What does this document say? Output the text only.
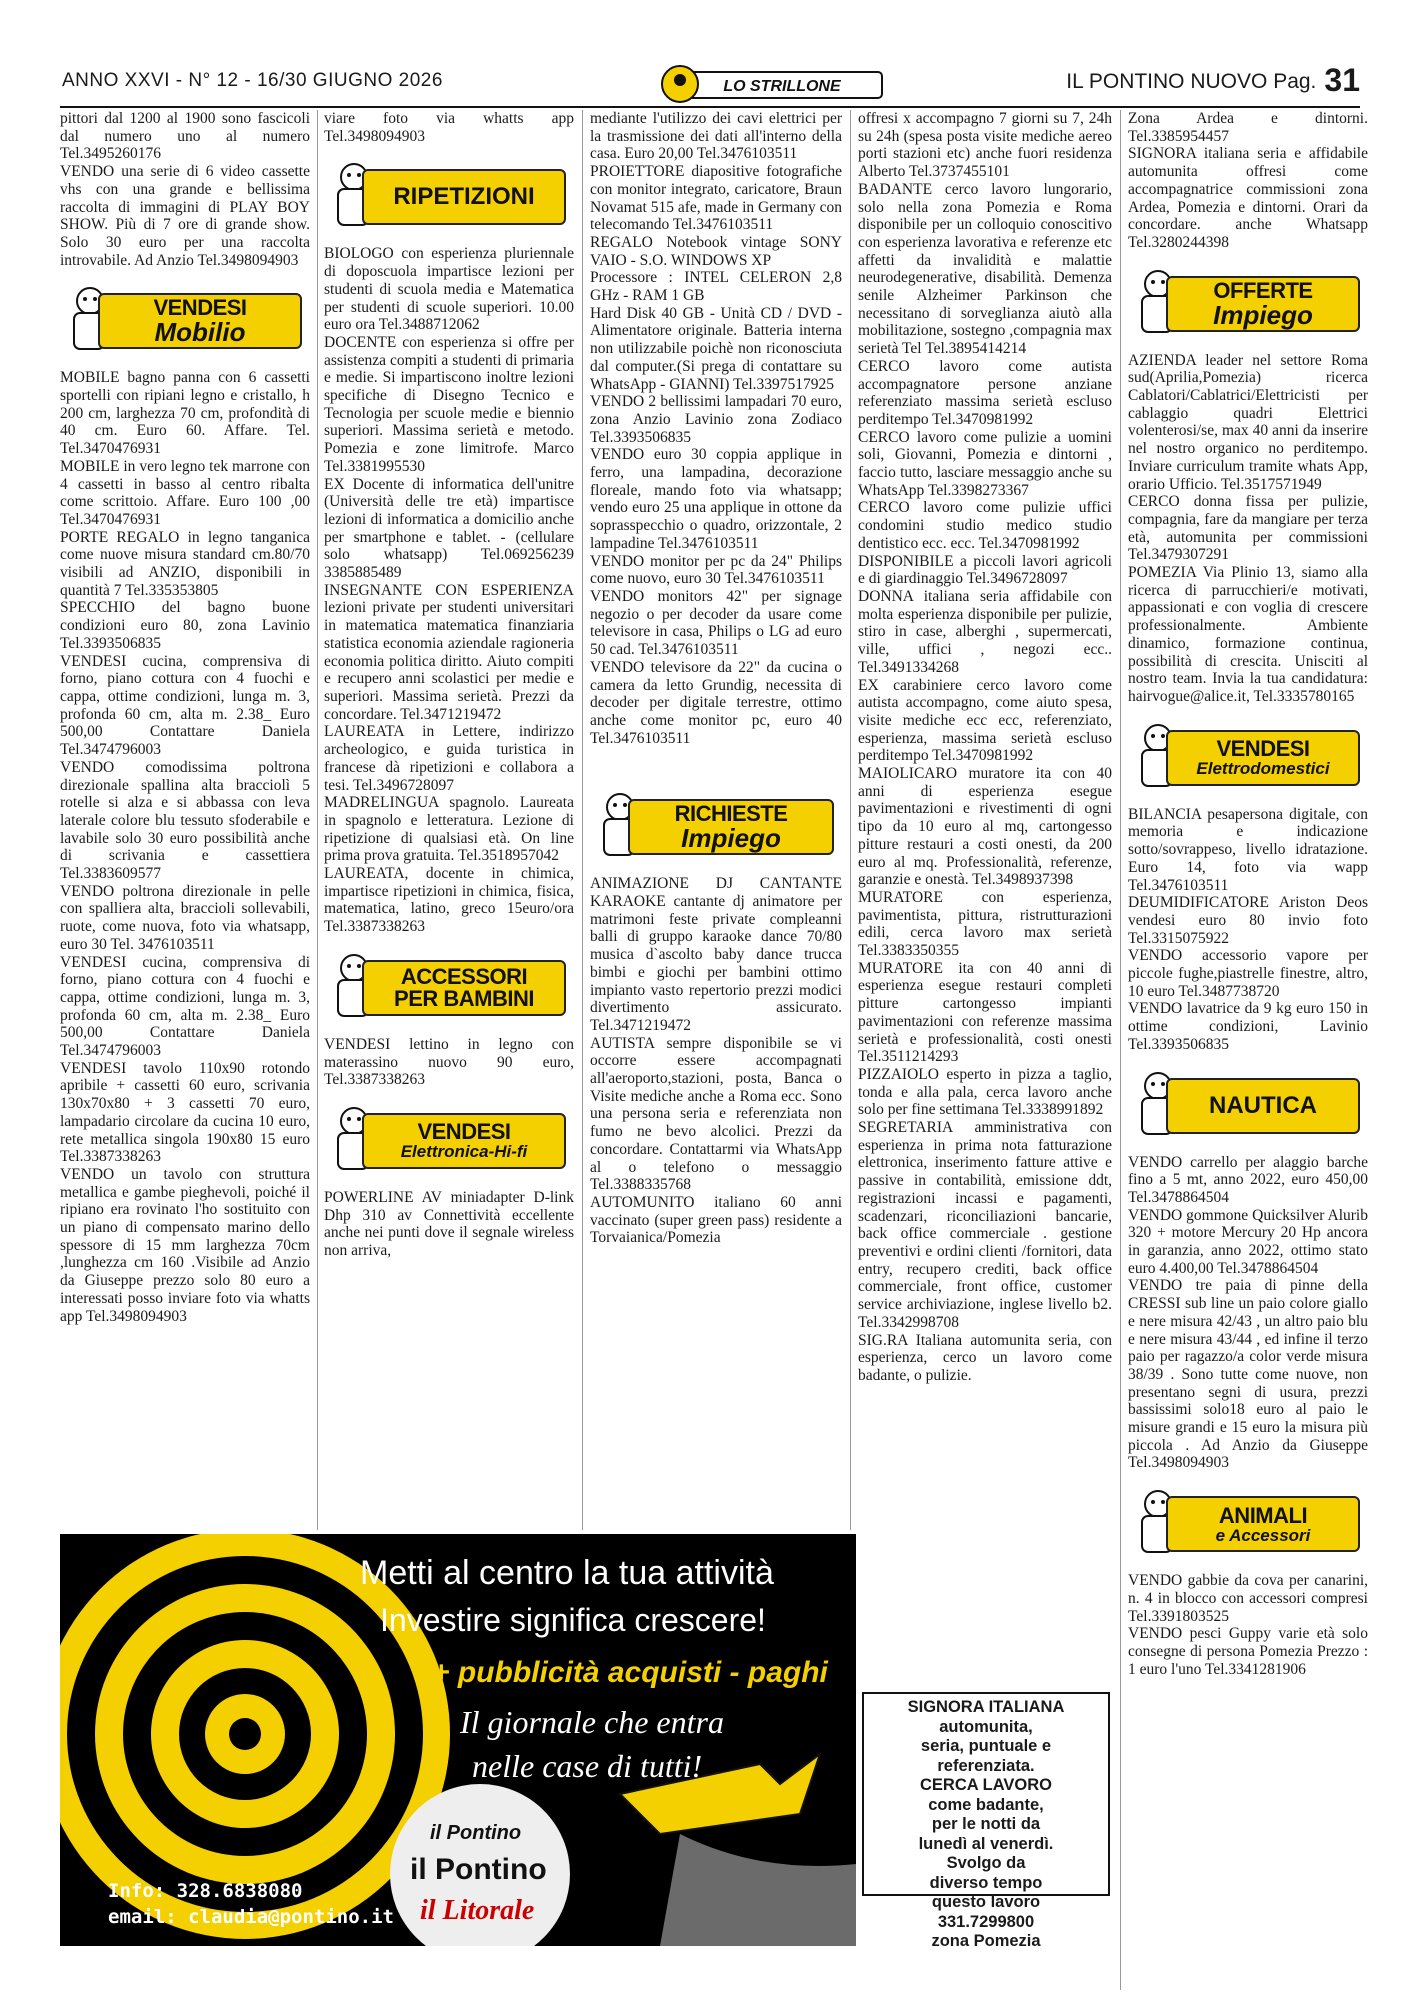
ANNO XXVI - N° 12 - 16/30 GIUGNO 2026	LO STRILLONE	IL PONTINO NUOVO Pag. 31

pittori dal 1200 al 1900 sono fascicoli dal numero uno al numero Tel.3495260176
VENDO una serie di 6 video cassette vhs con una grande e bellissima raccolta di immagini di PLAY BOY SHOW. Più di 7 ore di grande show. Solo 30 euro per una raccolta introvabile. Ad Anzio Tel.3498094903

VENDESI
Mobilio

MOBILE bagno panna con 6 cassetti sportelli con ripiani legno e cristallo, h 200 cm, larghezza 70 cm, profondità di 40 cm. Euro 60. Affare. Tel. Tel.3470476931
MOBILE in vero legno tek marrone con 4 cassetti in basso al centro ribalta come scrittoio. Affare. Euro 100 ,00 Tel.3470476931
PORTE REGALO in legno tanganica come nuove misura standard cm.80/70 visibili ad ANZIO, disponibili in quantità 7 Tel.335353805
SPECCHIO del bagno buone condizioni euro 80, zona Lavinio Tel.3393506835
VENDESI cucina, comprensiva di forno, piano cottura con 4 fuochi e cappa, ottime condizioni, lunga m. 3, profonda 60 cm, alta m. 2.38_ Euro 500,00 Contattare Daniela Tel.3474796003
VENDO comodissima poltrona direzionale spallina alta bracciolì 5 rotelle si alza e si abbassa con leva laterale colore blu tessuto sfoderabile e lavabile solo 30 euro possibilità anche di scrivania e cassettiera Tel.3383609577
VENDO poltrona direzionale in pelle con spalliera alta, braccioli sollevabili, ruote, come nuova, foto via whatsapp, euro 30 Tel. 3476103511
VENDESI cucina, comprensiva di forno, piano cottura con 4 fuochi e cappa, ottime condizioni, lunga m. 3, profonda 60 cm, alta m. 2.38_ Euro 500,00 Contattare Daniela Tel.3474796003
VENDESI tavolo 110x90 rotondo apribile + cassetti 60 euro, scrivania 130x70x80 + 3 cassetti 70 euro, lampadario circolare da cucina 10 euro, rete metallica singola 190x80 15 euro Tel.3387338263
VENDO un tavolo con struttura metallica e gambe pieghevoli, poiché il ripiano era rovinato l'ho sostituito con un piano di compensato marino dello spessore di 15 mm larghezza 70cm ,lunghezza cm 160 .Visibile ad Anzio da Giuseppe prezzo solo 80 euro a interessati posso inviare foto via whatts app Tel.3498094903

viare foto via whatts app Tel.3498094903

RIPETIZIONI

BIOLOGO con esperienza pluriennale di doposcuola impartisce lezioni per studenti di scuola media e Matematica per studenti di scuole superiori. 10.00 euro ora Tel.3488712062
DOCENTE con esperienza si offre per assistenza compiti a studenti di primaria e medie. Si impartiscono inoltre lezioni specifiche di Disegno Tecnico e Tecnologia per scuole medie e biennio superiori. Massima serietà e metodo. Pomezia e zone limitrofe. Marco Tel.3381995530
EX Docente di informatica dell'unitre (Università delle tre età) impartisce lezioni di informatica a domicilio anche per smartphone e tablet. - (cellulare solo whatsapp) Tel.069256239 3385885489
INSEGNANTE CON ESPERIENZA lezioni private per studenti universitari in matematica matematica finanziaria statistica economia aziendale ragioneria economia politica diritto. Aiuto compiti e recupero anni scolastici per medie e superiori. Massima serietà. Prezzi da concordare. Tel.3471219472
LAUREATA in Lettere, indirizzo archeologico, e guida turistica in francese dà ripetizioni e collabora a tesi. Tel.3496728097
MADRELINGUA spagnolo. Laureata in spagnolo e letteratura. Lezione di ripetizione di qualsiasi età. On line prima prova gratuita. Tel.3518957042
LAUREATA, docente in chimica, impartisce ripetizioni in chimica, fisica, matematica, latino, greco 15euro/ora Tel.3387338263

ACCESSORI
PER BAMBINI

VENDESI lettino in legno con materassino nuovo 90 euro, Tel.3387338263

VENDESI
Elettronica-Hi-fi

POWERLINE AV miniadapter D-link Dhp 310 av Connettività eccellente anche nei punti dove il segnale wireless non arriva,

mediante l'utilizzo dei cavi elettrici per la trasmissione dei dati all'interno della casa. Euro 20,00 Tel.3476103511
PROIETTORE diapositive fotografiche con monitor integrato, caricatore, Braun Novamat 515 afe, made in Germany con telecomando Tel.3476103511
REGALO Notebook vintage SONY VAIO - S.O. WINDOWS XP
Processore : INTEL CELERON 2,8 GHz - RAM 1 GB
Hard Disk 40 GB - Unità CD / DVD - Alimentatore originale. Batteria interna non utilizzabile poichè non riconosciuta dal computer.(Si prega di contattare su WhatsApp - GIANNI) Tel.3397517925
VENDO 2 bellissimi lampadari 70 euro, zona Anzio Lavinio zona Zodiaco Tel.3393506835
VENDO euro 30 coppia applique in ferro, una lampadina, decorazione floreale, mando foto via whatsapp; vendo euro 25 una applique in ottone da soprasspecchio o quadro, orizzontale, 2 lampadine Tel.3476103511
VENDO monitor per pc da 24" Philips come nuovo, euro 30 Tel.3476103511
VENDO monitors 42" per signage negozio o per decoder da usare come televisore in casa, Philips o LG ad euro 50 cad. Tel.3476103511
VENDO televisore da 22" da cucina o camera da letto Grundig, necessita di decoder per digitale terrestre, ottimo anche come monitor pc, euro 40 Tel.3476103511

RICHIESTE
Impiego

ANIMAZIONE DJ CANTANTE KARAOKE cantante dj animatore per matrimoni feste private compleanni balli di gruppo karaoke dance 70/80 musica d`ascolto baby dance trucca bimbi e giochi per bambini ottimo impianto vasto repertorio prezzi modici divertimento assicurato. Tel.3471219472
AUTISTA sempre disponibile se vi occorre essere accompagnati all'aeroporto,stazioni, posta, Banca o Visite mediche anche a Roma ecc. Sono una persona seria e referenziata non fumo ne bevo alcolici. Prezzi da concordare. Contattarmi via WhatsApp al o telefono o messaggio Tel.3388335768
AUTOMUNITO italiano 60 anni vaccinato (super green pass) residente a Torvaianica/Pomezia

offresi x accompagno 7 giorni su 7, 24h su 24h (spesa posta visite mediche aereo porti stazioni etc) anche fuori residenza Alberto Tel.3737455101
BADANTE cerco lavoro lungorario, solo nella zona Pomezia e Roma disponibile per un colloquio conoscitivo con esperienza lavorativa e referenze etc affetti da invalidità e malattie neurodegenerative, disabilità. Demenza senile Alzheimer Parkinson che necessitano di sorveglianza aiutò alla mobilitazione, sostegno ,compagnia max serietà Tel Tel.3895414214
CERCO lavoro come autista accompagnatore persone anziane referenziato massima serietà escluso perditempo Tel.3470981992
CERCO lavoro come pulizie a uomini soli, Giovanni, Pomezia e dintorni , faccio tutto, lasciare messaggio anche su WhatsApp Tel.3398273367
CERCO lavoro come pulizie uffici condomini studio medico studio dentistico ecc. ecc. Tel.3470981992
DISPONIBILE a piccoli lavori agricoli e di giardinaggio Tel.3496728097
DONNA italiana seria affidabile con molta esperienza disponibile per pulizie, stiro in case, alberghi , supermercati, ville, uffici , negozi ecc.. Tel.3491334268
EX carabiniere cerco lavoro come autista accompagno, come aiuto spesa, visite mediche ecc ecc, referenziato, esperienza, massima serietà escluso perditempo Tel.3470981992
MAIOLICARO muratore ita con 40 anni di esperienza esegue pavimentazioni e rivestimenti di ogni tipo da 10 euro al mq, cartongesso pitture restauri a costi onesti, da 200 euro al mq. Professionalità, referenze, garanzie e onestà. Tel.3498937398
MURATORE con esperienza, pavimentista, pittura, ristrutturazioni edili, cerca lavoro max serietà Tel.3383350355
MURATORE ita con 40 anni di esperienza esegue restauri completi pitture cartongesso impianti pavimentazioni con referenze massima serietà e professionalità, costi onesti Tel.3511214293
PIZZAIOLO esperto in pizza a taglio, tonda e alla pala, cerca lavoro anche solo per fine settimana Tel.3338991892
SEGRETARIA amministrativa con esperienza in prima nota fatturazione elettronica, inserimento fatture attive e passive in contabilità, emissione ddt, registrazioni incassi e pagamenti, scadenzari, riconciliazioni bancarie, back office commerciale . gestione preventivi e ordini clienti /fornitori, data entry, recupero crediti, back office commerciale, front office, customer service archiviazione, inglese livello b2. Tel.3342998708
SIG.RA Italiana automunita seria, con esperienza, cerco un lavoro come badante, o pulizie.

SIGNORA ITALIANA
automunita,
seria, puntuale e
referenziata.
CERCA LAVORO
come badante,
per le notti da
lunedì al venerdì.
Svolgo da
diverso tempo
questo lavoro
331.7299800
zona Pomezia

Zona Ardea e dintorni. Tel.3385954457
SIGNORA italiana seria e affidabile automunita offresi come accompagnatrice commissioni zona Ardea, Pomezia e dintorni. Orari da concordare. anche Whatsapp Tel.3280244398

OFFERTE
Impiego

AZIENDA leader nel settore Roma sud(Aprilia,Pomezia) ricerca Cablatori/Cablatrici/Elettricisti per cablaggio quadri Elettrici volenterosi/se, max 40 anni da inserire nel nostro organico no perditempo. Inviare curriculum tramite whats App, orario Ufficio. Tel.3517571949
CERCO donna fissa per pulizie, compagnia, fare da mangiare per terza età, automunita per commissioni Tel.3479307291
POMEZIA Via Plinio 13, siamo alla ricerca di parrucchieri/e motivati, appassionati e con voglia di crescere professionalmente. Ambiente dinamico, formazione continua, possibilità di crescita. Unisciti al nostro team. Invia la tua candidatura: hairvogue@alice.it, Tel.3335780165

VENDESI
Elettrodomestici

BILANCIA pesapersona digitale, con memoria e indicazione sotto/sovrappeso, livello idratazione. Euro 14, foto via wapp Tel.3476103511
DEUMIDIFICATORE Ariston Deos vendesi euro 80 invio foto Tel.3315075922
VENDO accessorio vapore per piccole fughe,piastrelle finestre, altro, 10 euro Tel.3487738720
VENDO lavatrice da 9 kg euro 150 in ottime condizioni, Lavinio Tel.3393506835

NAUTICA

VENDO carrello per alaggio barche fino a 5 mt, anno 2022, euro 450,00 Tel.3478864504
VENDO gommone Quicksilver Alurib 320 + motore Mercury 20 Hp ancora in garanzia, anno 2022, ottimo stato euro 4.400,00 Tel.3478864504
VENDO tre paia di pinne della CRESSI sub line un paio colore giallo e nere misura 42/43 , un altro paio blu e nere misura 43/44 , ed infine il terzo paio per ragazzo/a color verde misura 38/39 . Sono tutte come nuove, non presentano segni di usura, prezzi bassissimi solo18 euro al paio le misure grandi e 15 euro la misura più piccola . Ad Anzio da Giuseppe Tel.3498094903

ANIMALI
e Accessori

VENDO gabbie da cova per canarini, n. 4 in blocco con accessori compresi Tel.3391803525
VENDO pesci Guppy varie età solo consegne di persona Pomezia Prezzo : 1 euro l'uno Tel.3341281906

il Pontino
il Pontino
il Litorale
Metti al centro la tua attività
Investire significa crescere!
+ pubblicità acquisti - paghi
Il giornale che entra
nelle case di tutti!
Info: 328.6838080
email: claudia@pontino.it
